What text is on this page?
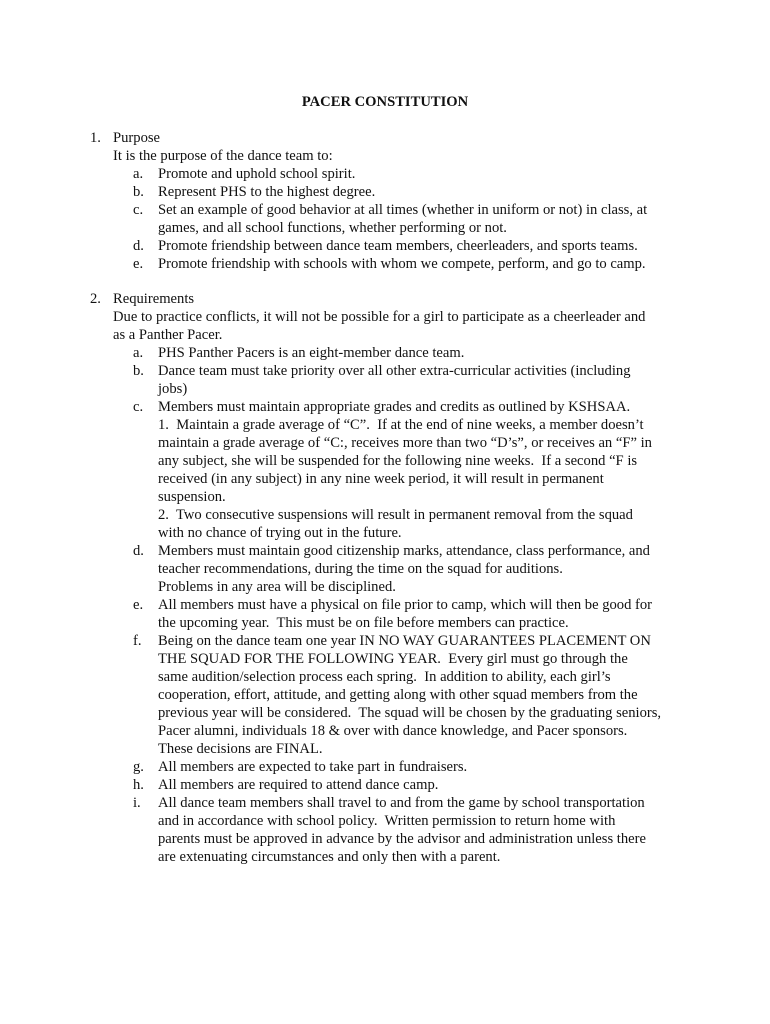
PACER CONSTITUTION
1. Purpose
It is the purpose of the dance team to:
a.	Promote and uphold school spirit.
b. Represent PHS to the highest degree.
c.	Set an example of good behavior at all times (whether in uniform or not) in class, at
games, and all school functions, whether performing or not.
d. Promote friendship between dance team members, cheerleaders, and sports teams.
e.	Promote friendship with schools with whom we compete, perform, and go to camp.
2. Requirements
Due to practice conflicts, it will not be possible for a girl to participate as a cheerleader and
as a Panther Pacer.
a.	PHS Panther Pacers is an eight-member dance team.
b. Dance team must take priority over all other extra-curricular activities (including
jobs)
c.	Members must maintain appropriate grades and credits as outlined by KSHSAA.
1.  Maintain a grade average of “C”.  If at the end of nine weeks, a member doesn’t
maintain a grade average of “C:, receives more than two “D’s”, or receives an “F” in
any subject, she will be suspended for the following nine weeks.  If a second “F is
received (in any subject) in any nine week period, it will result in permanent
suspension.
2.  Two consecutive suspensions will result in permanent removal from the squad
with no chance of trying out in the future.
d. Members must maintain good citizenship marks, attendance, class performance, and
teacher recommendations, during the time on the squad for auditions.
Problems in any area will be disciplined.
e.	All members must have a physical on file prior to camp, which will then be good for
the upcoming year.  This must be on file before members can practice.
f.	Being on the dance team one year IN NO WAY GUARANTEES PLACEMENT ON
THE SQUAD FOR THE FOLLOWING YEAR.  Every girl must go through the
same audition/selection process each spring.  In addition to ability, each girl’s
cooperation, effort, attitude, and getting along with other squad members from the
previous year will be considered.  The squad will be chosen by the graduating seniors,
Pacer alumni, individuals 18 & over with dance knowledge, and Pacer sponsors.
These decisions are FINAL.
g. All members are expected to take part in fundraisers.
h. All members are required to attend dance camp.
i.	All dance team members shall travel to and from the game by school transportation
and in accordance with school policy.  Written permission to return home with
parents must be approved in advance by the advisor and administration unless there
are extenuating circumstances and only then with a parent.
